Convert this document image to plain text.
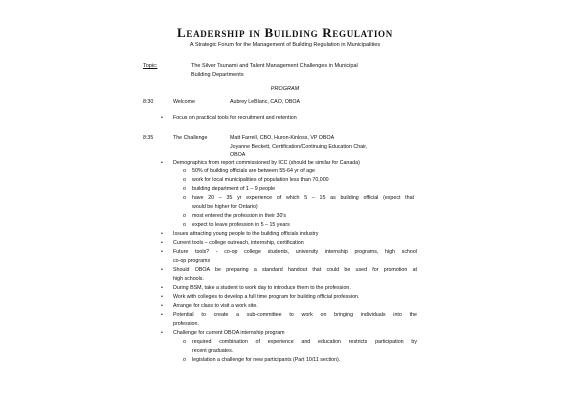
Leadership in Building Regulation
A Strategic Forum for the Management of Building Regulation in Municipalities
Topic:	The Silver Tsunami and Talent Management Challenges in Municipal
Building Departments
PROGRAM
8:30	Welcome	Aubrey LeBlanc, CAO, OBOA
• Focus on practical tools for recruitment and retention
8:35	The Challenge	Matt Farrell, CBO, Huron-Kinloss, VP OBOA
Joyanne Beckett, Certification/Continuing Education Chair,
OBOA
• Demographics from report commissioned by ICC (should be similar for Canada)
o 50% of building officials are between 55-64 yr of age
o work for local municipalities of population less than 70,000
o building department of 1 – 9 people
o have 20 – 35 yr experience of which 5 – 15 as building official (expect that
would be higher for Ontario)
o most entered the profession in their 30's
o expect to leave profession in 5 – 15 years
• Issues attracting young people to the building officials industry
• Current tools – college outreach, internship, certification
• Future tools? - co-op college students, university internship programs, high school
co-op programs
• Should OBOA be preparing a standard handout that could be used for promotion at
high schools.
• During BSM, take a student to work day to introduce them to the profession.
• Work with colleges to develop a full time program for building official profession.
• Arrange for class to visit a work site.
• Potential to create a sub-committee to work on bringing individuals into the
profession.
• Challenge for current OBOA internship program
o required combination of experience and education restricts participation by
recent graduates.
o legislation a challenge for new participants (Part 10/11 section).
